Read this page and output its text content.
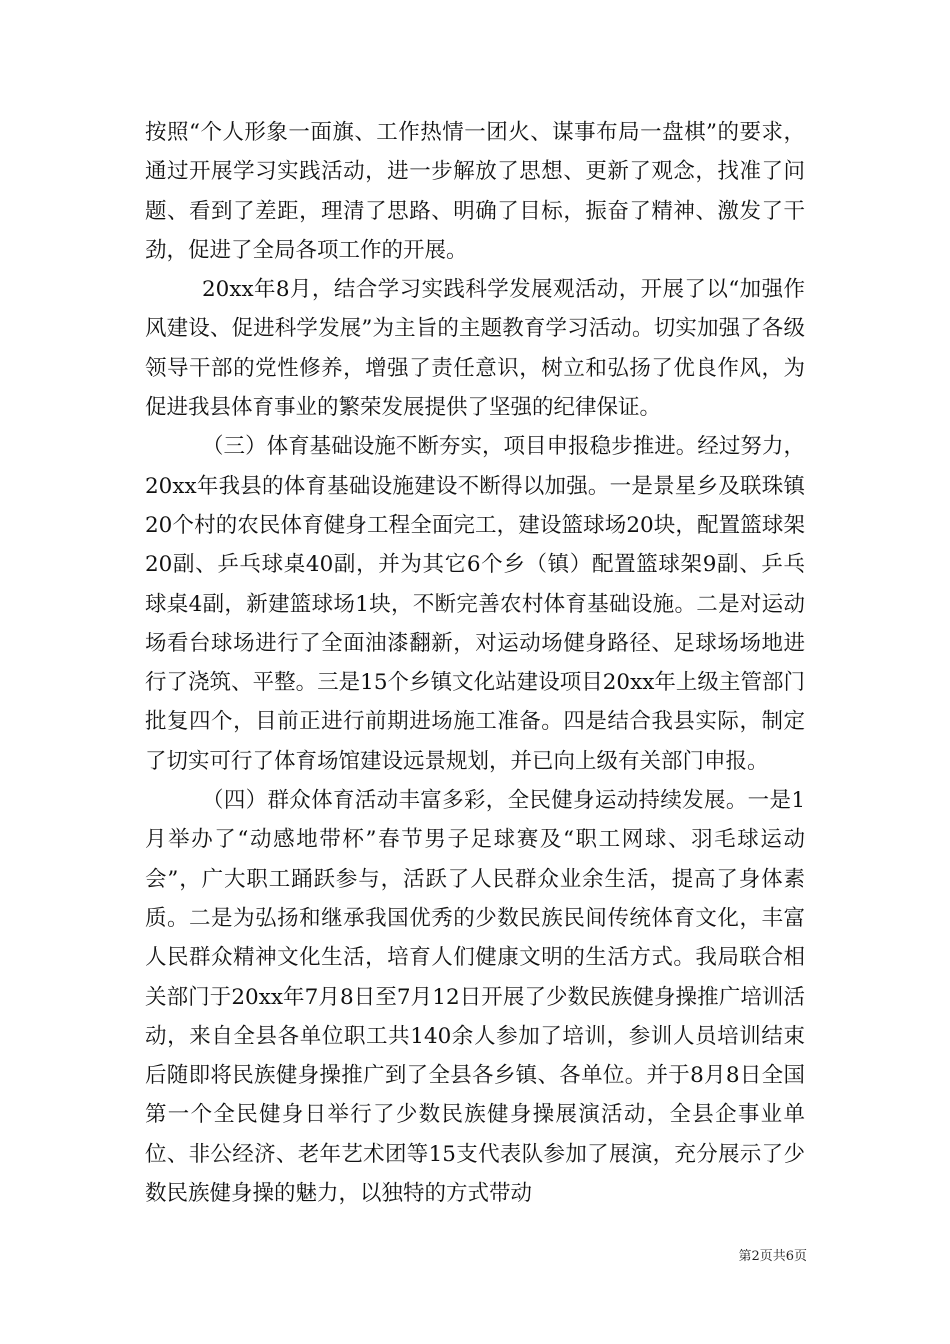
按照“个人形象一面旗、工作热情一团火、谋事布局一盘棋”的要求，通过开展学习实践活动，进一步解放了思想、更新了观念，找准了问题、看到了差距，理清了思路、明确了目标，振奋了精神、激发了干劲，促进了全局各项工作的开展。

20xx年8月，结合学习实践科学发展观活动，开展了以“加强作风建设、促进科学发展”为主旨的主题教育学习活动。切实加强了各级领导干部的党性修养，增强了责任意识，树立和弘扬了优良作风，为促进我县体育事业的繁荣发展提供了坚强的纪律保证。

（三）体育基础设施不断夯实，项目申报稳步推进。经过努力，20xx年我县的体育基础设施建设不断得以加强。一是景星乡及联珠镇20个村的农民体育健身工程全面完工，建设篮球场20块，配置篮球架20副、乒乓球桌40副，并为其它6个乡（镇）配置篮球架9副、乒乓球桌4副，新建篮球场1块，不断完善农村体育基础设施。二是对运动场看台球场进行了全面油漆翻新，对运动场健身路径、足球场场地进行了浇筑、平整。三是15个乡镇文化站建设项目20xx年上级主管部门批复四个，目前正进行前期进场施工准备。四是结合我县实际，制定了切实可行了体育场馆建设远景规划，并已向上级有关部门申报。

（四）群众体育活动丰富多彩，全民健身运动持续发展。一是1月举办了“动感地带杯”春节男子足球赛及“职工网球、羽毛球运动会”，广大职工踊跃参与，活跃了人民群众业余生活，提高了身体素质。二是为弘扬和继承我国优秀的少数民族民间传统体育文化，丰富人民群众精神文化生活，培育人们健康文明的生活方式。我局联合相关部门于20xx年7月8日至7月12日开展了少数民族健身操推广培训活动，来自全县各单位职工共140余人参加了培训，参训人员培训结束后随即将民族健身操推广到了全县各乡镇、各单位。并于8月8日全国第一个全民健身日举行了少数民族健身操展演活动，全县企事业单位、非公经济、老年艺术团等15支代表队参加了展演，充分展示了少数民族健身操的魅力，以独特的方式带动

第2页共6页
